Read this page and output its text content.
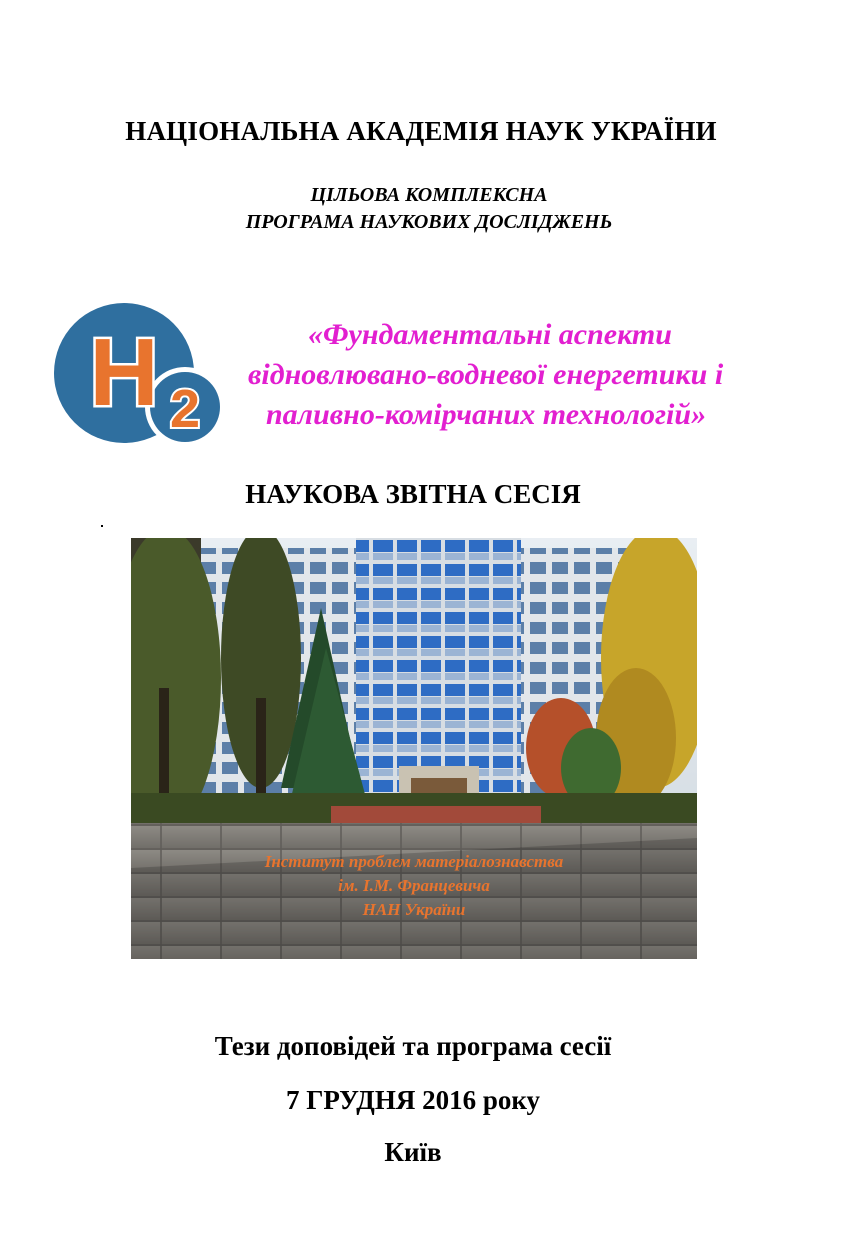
НАЦІОНАЛЬНА АКАДЕМІЯ НАУК УКРАЇНИ
ЦІЛЬОВА КОМПЛЕКСНА
ПРОГРАМА НАУКОВИХ ДОСЛІДЖЕНЬ
H 2
«Фундаментальні аспекти
відновлювано-водневої енергетики і
паливно-комірчаних технологій»
НАУКОВА ЗВІТНА СЕСІЯ
Інститут проблем матеріалознавства
ім. І.М. Францевича
НАН України
Тези доповідей та програма сесії
7 ГРУДНЯ 2016 року
Київ
